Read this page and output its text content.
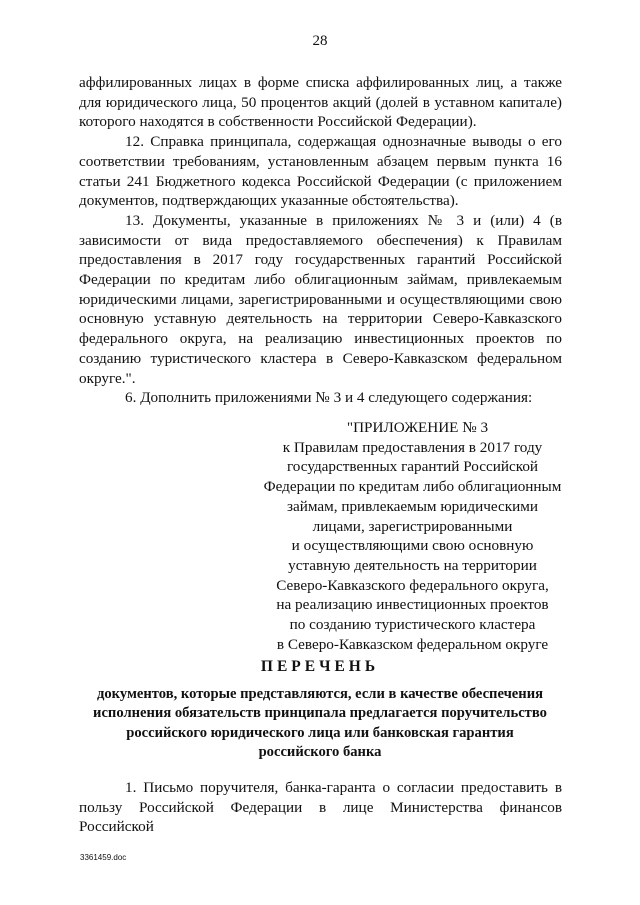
28

аффилированных лицах в форме списка аффилированных лиц, а также для юридического лица, 50 процентов акций (долей в уставном капитале) которого находятся в собственности Российской Федерации).

12. Справка принципала, содержащая однозначные выводы о его соответствии требованиям, установленным абзацем первым пункта 16 статьи 241 Бюджетного кодекса Российской Федерации (с приложением документов, подтверждающих указанные обстоятельства).

13. Документы, указанные в приложениях № 3 и (или) 4 (в зависимости от вида предоставляемого обеспечения) к Правилам предоставления в 2017 году государственных гарантий Российской Федерации по кредитам либо облигационным займам, привлекаемым юридическими лицами, зарегистрированными и осуществляющими свою основную уставную деятельность на территории Северо-Кавказского федерального округа, на реализацию инвестиционных проектов по созданию туристического кластера в Северо-Кавказском федеральном округе.".

6. Дополнить приложениями № 3 и 4 следующего содержания:

"ПРИЛОЖЕНИЕ № 3
к Правилам предоставления в 2017 году
государственных гарантий Российской
Федерации по кредитам либо облигационным
займам, привлекаемым юридическими
лицами, зарегистрированными
и осуществляющими свою основную
уставную деятельность на территории
Северо-Кавказского федерального округа,
на реализацию инвестиционных проектов
по созданию туристического кластера
в Северо-Кавказском федеральном округе
ПЕРЕЧЕНЬ
документов, которые представляются, если в качестве обеспечения
исполнения обязательств принципала предлагается поручительство
российского юридического лица или банковская гарантия
российского банка

1. Письмо поручителя, банка-гаранта о согласии предоставить в пользу Российской Федерации в лице Министерства финансов Российской

3361459.doc
